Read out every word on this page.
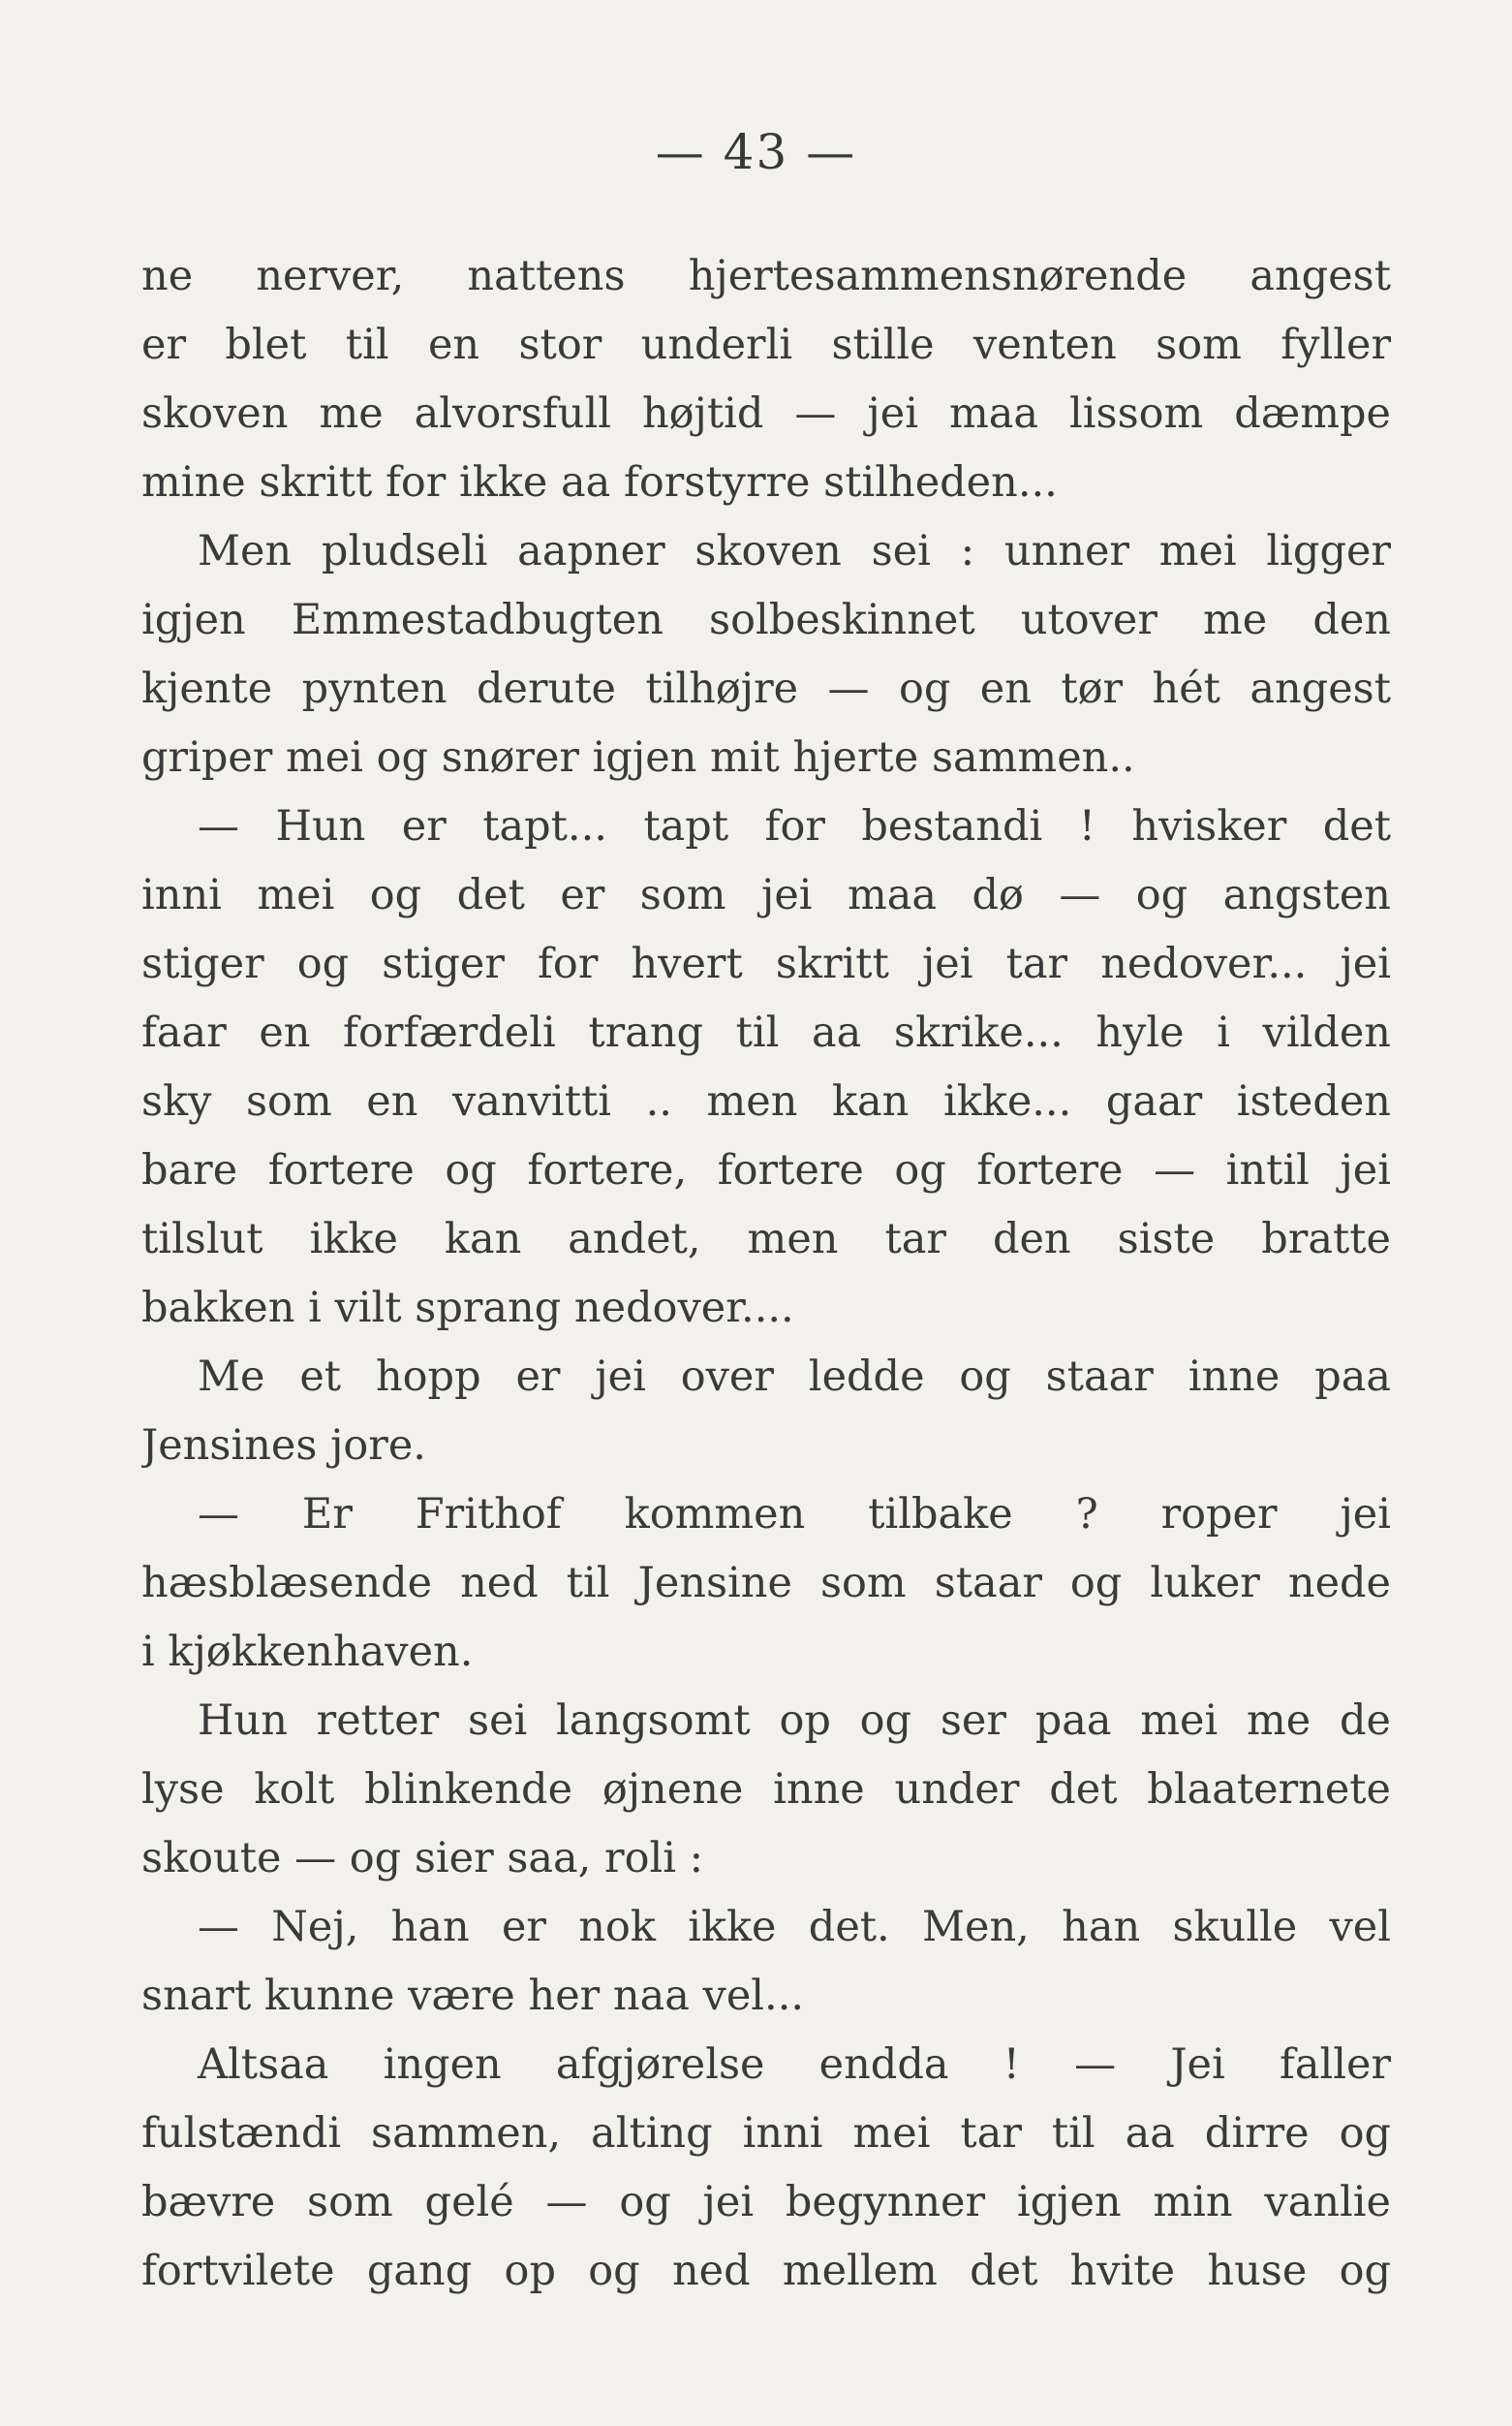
— 43 —
ne nerver, nattens hjertesammensnørende angest
er blet til en stor underli stille venten som fyller
skoven me alvorsfull højtid — jei maa lissom dæmpe
mine skritt for ikke aa forstyrre stilheden...
Men pludseli aapner skoven sei : unner mei ligger
igjen Emmestadbugten solbeskinnet utover me den
kjente pynten derute tilhøjre — og en tør hét angest
griper mei og snører igjen mit hjerte sammen..
— Hun er tapt... tapt for bestandi ! hvisker det
inni mei og det er som jei maa dø — og angsten
stiger og stiger for hvert skritt jei tar nedover... jei
faar en forfærdeli trang til aa skrike... hyle i vilden
sky som en vanvitti .. men kan ikke... gaar isteden
bare fortere og fortere, fortere og fortere — intil jei
tilslut ikke kan andet, men tar den siste bratte
bakken i vilt sprang nedover....
Me et hopp er jei over ledde og staar inne paa
Jensines jore.
— Er Frithof kommen tilbake ? roper jei
hæsblæsende ned til Jensine som staar og luker nede
i kjøkkenhaven.
Hun retter sei langsomt op og ser paa mei me de
lyse kolt blinkende øjnene inne under det blaaternete
skoute — og sier saa, roli :
— Nej, han er nok ikke det. Men, han skulle vel
snart kunne være her naa vel...
Altsaa ingen afgjørelse endda ! — Jei faller
fulstændi sammen, alting inni mei tar til aa dirre og
bævre som gelé — og jei begynner igjen min vanlie
fortvilete gang op og ned mellem det hvite huse og
